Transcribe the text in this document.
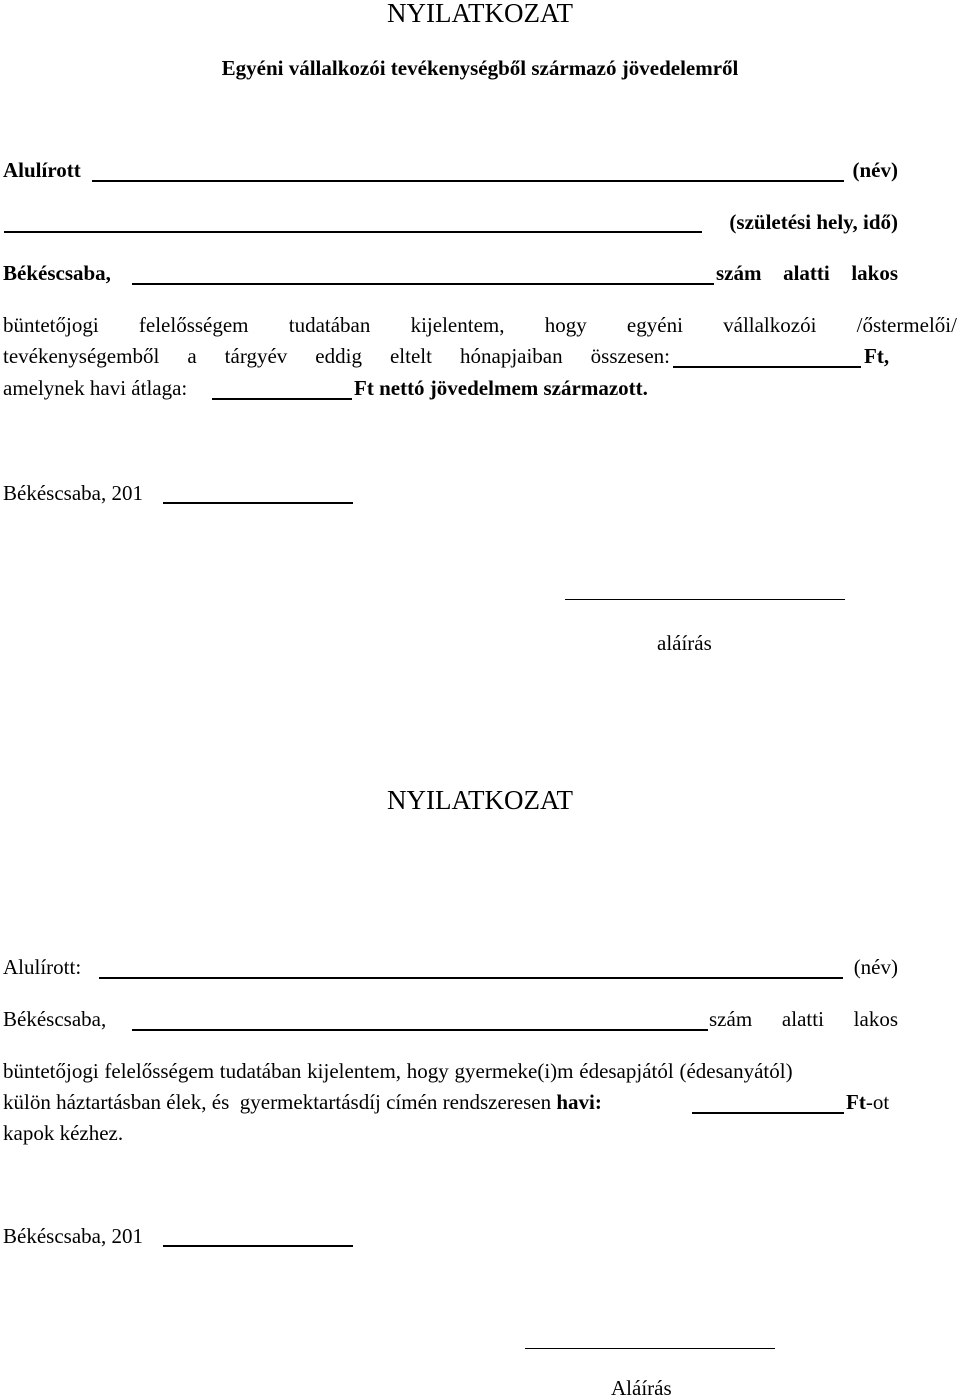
NYILATKOZAT
Egyéni vállalkozói tevékenységből származó jövedelemről
Alulírott	(név)
(születési hely, idő)
Békéscsaba,	szám alatti lakos
büntetőjogi felelősségem tudatában kijelentem, hogy egyéni vállalkozói /őstermelői/
tevékenységemből a tárgyév eddig eltelt hónapjaiban összesen:	Ft,
amelynek havi átlaga:	Ft nettó jövedelmem származott.
Békéscsaba, 201
aláírás
NYILATKOZAT
Alulírott:	(név)
Békéscsaba,	szám alatti lakos
büntetőjogi felelősségem tudatában kijelentem, hogy gyermeke(i)m édesapjától (édesanyától)
külön háztartásban élek, és  gyermektartásdíj címén rendszeresen havi:	Ft-ot
kapok kézhez.
Békéscsaba, 201
Aláírás
